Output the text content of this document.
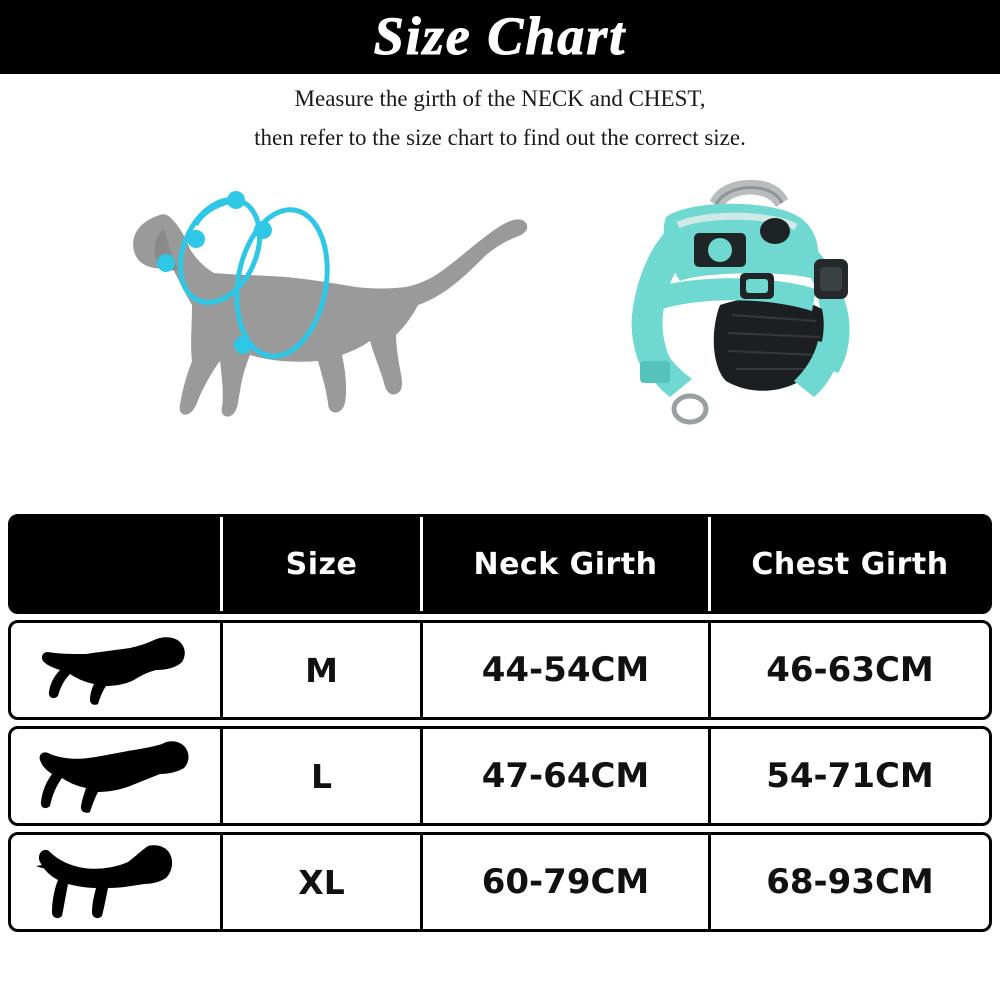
Size Chart
Measure the girth of the NECK and CHEST,
then refer to the size chart to find out the correct size.
Size	Neck Girth	Chest Girth
M	44-54CM	46-63CM
L	47-64CM	54-71CM
XL	60-79CM	68-93CM
